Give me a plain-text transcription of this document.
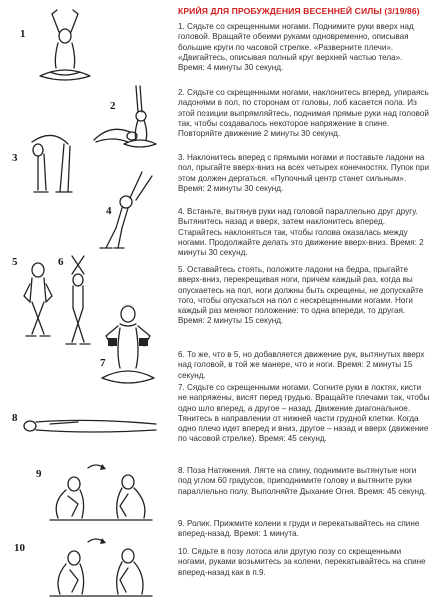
КРИЙЯ ДЛЯ ПРОБУЖДЕНИЯ ВЕСЕННЕЙ СИЛЫ (3/19/86)

1. Сядьте со скрещенными ногами. Поднимите руки вверх над головой. Вращайте обеими руками одновременно, описывая большие круги по часовой стрелке. «Разверните плечи». «Двигайтесь, описывая полный круг верхней частью тела». Время: 4 минуты 30 секунд.

2. Сядьте со скрещенными ногами, наклонитесь вперед, упираясь ладонями в пол, по сторонам от головы, лоб касается пола. Из этой позиции выпрямляйтесь, поднимая прямые руки над головой так, чтобы создавалось некоторое напряжение в спине. Повторяйте движение 2 минуты 30 секунд.

3. Наклонитесь вперед с прямыми ногами и поставьте ладони на пол, прыгайте вверх-вниз на всех четырех конечностях. Пупок при этом должен дергаться. «Пупочный центр станет сильным». Время: 2 минуты 30 секунд.

4. Встаньте, вытянув руки над головой параллельно друг другу. Вытянитесь назад и вверх, затем наклонитесь вперед. Старайтесь наклоняться так, чтобы голова оказалась между ногами. Продолжайте делать это движение вверх-вниз. Время: 2 минуты 30 секунд.

5. Оставайтесь стоять, положите ладони на бедра, прыгайте вверх-вниз, перекрещивая ноги, причем каждый раз, когда вы опускаетесь на пол, ноги должны быть скрещены, не допускайте того, чтобы опускаться на пол с нескрещенными ногами. Ноги каждый раз меняют положение: то одна впереди, то другая. Время: 2 минуты 15 секунд.

6. То же, что в 5, но добавляется движение рук, вытянутых вверх над головой, в той же манере, что и ноги. Время: 2 минуты 15 секунд.

7. Сядьте со скрещенными ногами. Согните руки в локтях, кисти не напряжены, висят перед грудью. Вращайте плечами так, чтобы одно шло вперед, а другое – назад. Движение диагональное. Тянитесь в направлении от нижней части грудной клетки. Когда одно плечо идет вперед и вниз, другое – назад и вверх (движение по часовой стрелке). Время: 45 секунд.

8. Поза Натяжения. Лягте на спину, поднимите вытянутые ноги под углом 60 градусов, приподнимите голову и вытяните руки параллельно полу. Выполняйте Дыхание Огня. Время: 45 секунд.

9. Ролик. Прижмите колени к груди и перекатывайтесь на спине вперед-назад. Время: 1 минута.

10. Сядьте в позу лотоса или другую позу со скрещенными ногами, руками возьмитесь за колени, перекатывайтесь на спине вперед-назад как в п.9.

1
2
3
4
5	6
7
8
9
10
